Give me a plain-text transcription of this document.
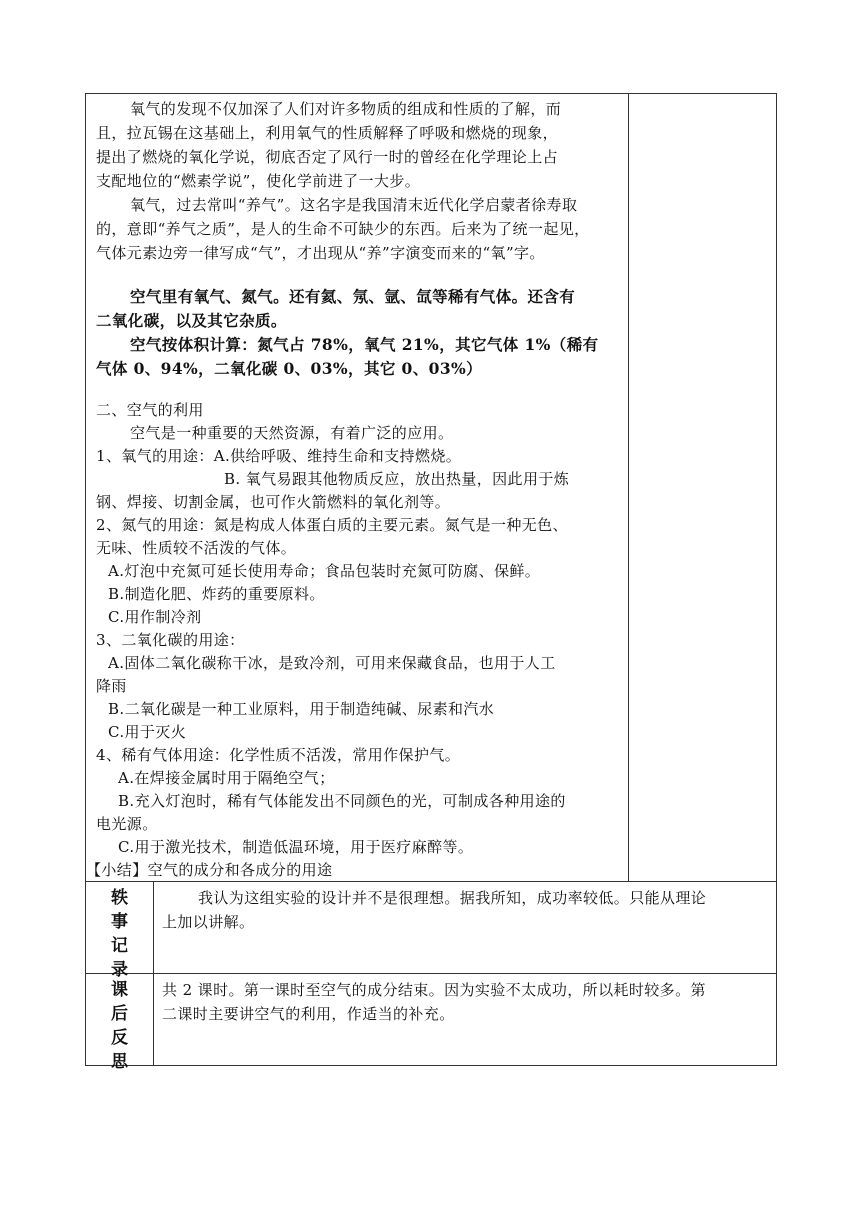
氧气的发现不仅加深了人们对许多物质的组成和性质的了解，而
且，拉瓦锡在这基础上，利用氧气的性质解释了呼吸和燃烧的现象，
提出了燃烧的氧化学说，彻底否定了风行一时的曾经在化学理论上占
支配地位的“燃素学说”，使化学前进了一大步。
氧气，过去常叫“养气”。这名字是我国清末近代化学启蒙者徐寿取
的，意即“养气之质”，是人的生命不可缺少的东西。后来为了统一起见，
气体元素边旁一律写成“气”，才出现从“养”字演变而来的“氧”字。
空气里有氧气、氮气。还有氦、氖、氩、氙等稀有气体。还含有
二氧化碳，以及其它杂质。
空气按体积计算：氮气占 78%，氧气 21%，其它气体 1%（稀有
气体 0、94%，二氧化碳 0、03%，其它 0、03%）
二、空气的利用
空气是一种重要的天然资源，有着广泛的应用。
1、氧气的用途：A.供给呼吸、维持生命和支持燃烧。
B. 氧气易跟其他物质反应，放出热量，因此用于炼
钢、焊接、切割金属，也可作火箭燃料的氧化剂等。
2、氮气的用途：氮是构成人体蛋白质的主要元素。氮气是一种无色、
无味、性质较不活泼的气体。
A.灯泡中充氮可延长使用寿命；食品包装时充氮可防腐、保鲜。
B.制造化肥、炸药的重要原料。
C.用作制冷剂
3、二氧化碳的用途：
A.固体二氧化碳称干冰，是致冷剂，可用来保藏食品，也用于人工
降雨
B.二氧化碳是一种工业原料，用于制造纯碱、尿素和汽水
C.用于灭火
4、稀有气体用途：化学性质不活泼，常用作保护气。
A.在焊接金属时用于隔绝空气；
B.充入灯泡时，稀有气体能发出不同颜色的光，可制成各种用途的
电光源。
C.用于激光技术，制造低温环境，用于医疗麻醉等。
【小结】空气的成分和各成分的用途
轶
事
记
录
我认为这组实验的设计并不是很理想。据我所知，成功率较低。只能从理论
上加以讲解。
课
后
反
思
共 2 课时。第一课时至空气的成分结束。因为实验不太成功，所以耗时较多。第
二课时主要讲空气的利用，作适当的补充。
